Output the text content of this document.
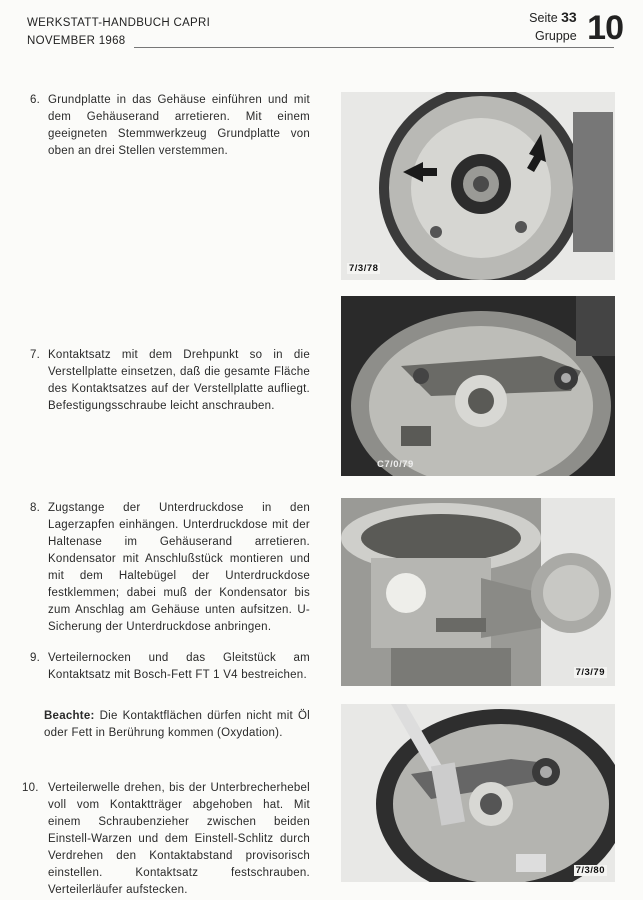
WERKSTATT-HANDBUCH CAPRI
NOVEMBER 1968
Seite 33
Gruppe 10
6. Grundplatte in das Gehäuse einführen und mit dem Gehäuserand arretieren. Mit einem geeigneten Stemmwerkzeug Grundplatte von oben an drei Stellen verstemmen.
7. Kontaktsatz mit dem Drehpunkt so in die Verstellplatte einsetzen, daß die gesamte Fläche des Kontaktsatzes auf der Verstellplatte aufliegt. Befestigungsschraube leicht anschrauben.
8. Zugstange der Unterdruckdose in den Lagerzapfen einhängen. Unterdruckdose mit der Haltenase im Gehäuserand arretieren. Kondensator mit Anschlußstück montieren und mit dem Haltebügel der Unterdruckdose festklemmen; dabei muß der Kondensator bis zum Anschlag am Gehäuse unten aufsitzen. U-Sicherung der Unterdruckdose anbringen.
9. Verteilernocken und das Gleitstück am Kontaktsatz mit Bosch-Fett FT 1 V4 bestreichen.
Beachte: Die Kontaktflächen dürfen nicht mit Öl oder Fett in Berührung kommen (Oxydation).
10. Verteilerwelle drehen, bis der Unterbrecherhebel voll vom Kontaktträger abgehoben hat. Mit einem Schraubenzieher zwischen beiden Einstell-Warzen und dem Einstell-Schlitz durch Verdrehen den Kontaktabstand provisorisch einstellen. Kontaktsatz festschrauben. Verteilerläufer aufstecken.
7/3/78
C7/0/79
7/3/79
7/3/80
